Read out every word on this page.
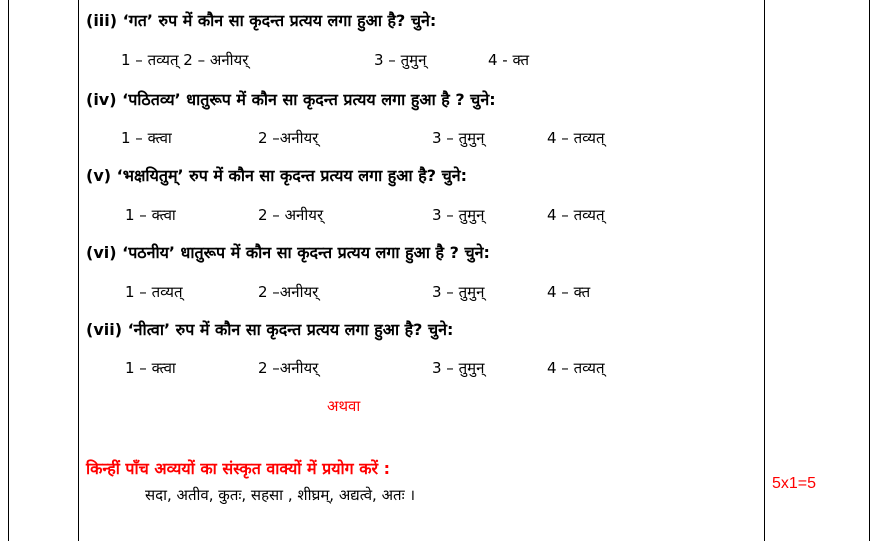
(iii) ‘गत’ रुप में कौन सा कृदन्त प्रत्यय लगा हुआ है? चुने:
1 – तव्यत् 2 – अनीयर्	3 – तुमुन्	4 - क्त
(iv) ‘पठितव्य’ धातुरूप में कौन सा कृदन्त प्रत्यय लगा हुआ है ? चुने:
1 – क्त्वा	2 –अनीयर्	3 – तुमुन्	4 – तव्यत्
(v) ‘भक्षयितुम्’ रुप में कौन सा कृदन्त प्रत्यय लगा हुआ है? चुने:
1 – क्त्वा	2 – अनीयर्	3 – तुमुन्	4 – तव्यत्
(vi) ‘पठनीय’ धातुरूप में कौन सा कृदन्त प्रत्यय लगा हुआ है ? चुने:
1 – तव्यत्	2 –अनीयर्	3 – तुमुन्	4 – क्त
(vii) ‘नीत्वा’ रुप में कौन सा कृदन्त प्रत्यय लगा हुआ है? चुने:
1 – क्त्वा	2 –अनीयर्	3 – तुमुन्	4 – तव्यत्
अथवा
किन्हीं पाँच अव्ययों का संस्कृत वाक्यों में प्रयोग करें :
सदा, अतीव, कुतः, सहसा , शीघ्रम्, अद्यत्वे, अतः ।
5x1=5
